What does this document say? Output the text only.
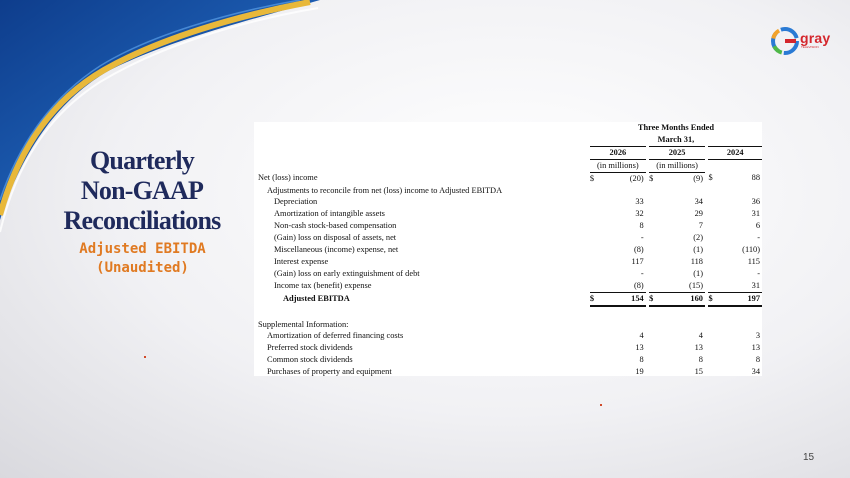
gray
TELEVISION
Quarterly
Non-GAAP
Reconciliations
Adjusted EBITDA
(Unaudited)
	Three Months Ended							
	March 31,							
	2026			2025			2024	
	(in millions)			(in millions)				
Net (loss) income	$	(20)		$	(9)		$	88
Adjustments to reconcile from net (loss) income to Adjusted EBITDA								
Depreciation		33			34			36
Amortization of intangible assets		32			29			31
Non-cash stock-based compensation		8			7			6
(Gain) loss on disposal of assets, net		-			(2)			-
Miscellaneous (income) expense, net		(8)			(1)			(110)
Interest expense		117			118			115
(Gain) loss on early extinguishment of debt		-			(1)			-
Income tax (benefit) expense		(8)			(15)			31
Adjusted EBITDA	$	154		$	160		$	197

Supplemental Information:								
Amortization of deferred financing costs		4			4			3
Preferred stock dividends		13			13			13
Common stock dividends		8			8			8
Purchases of property and equipment		19			15			34
15
